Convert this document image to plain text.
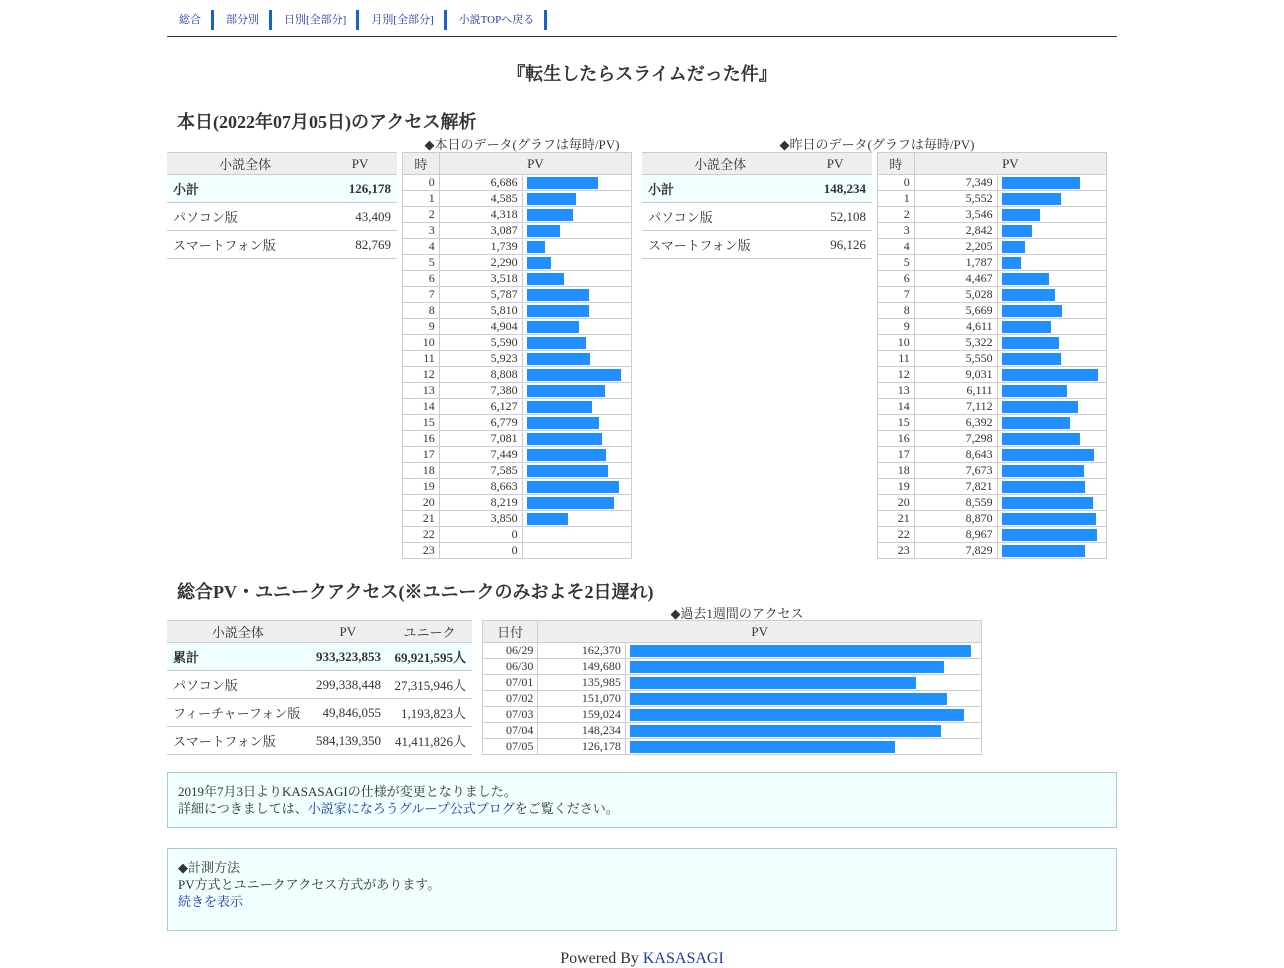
総合	部分別	日別[全部分]	月別[全部分]	小説TOPへ戻る
『転生したらスライムだった件』
本日(2022年07月05日)のアクセス解析
◆本日のデータ(グラフは毎時/PV)	◆昨日のデータ(グラフは毎時/PV)
小説全体	PV
小計	126,178
パソコン版	43,409
スマートフォン版	82,769
時	PV	
0	6,686	

1	4,585	

2	4,318	

3	3,087	

4	1,739	

5	2,290	

6	3,518	

7	5,787	

8	5,810	

9	4,904	

10	5,590	

11	5,923	

12	8,808	

13	7,380	

14	6,127	

15	6,779	

16	7,081	

17	7,449	

18	7,585	

19	8,663	

20	8,219	

21	3,850	

22	0	

23	0	
小説全体	PV
小計	148,234
パソコン版	52,108
スマートフォン版	96,126
時	PV	
0	7,349	

1	5,552	

2	3,546	

3	2,842	

4	2,205	

5	1,787	

6	4,467	

7	5,028	

8	5,669	

9	4,611	

10	5,322	

11	5,550	

12	9,031	

13	6,111	

14	7,112	

15	6,392	

16	7,298	

17	8,643	

18	7,673	

19	7,821	

20	8,559	

21	8,870	

22	8,967	

23	7,829	
総合PV・ユニークアクセス(※ユニークのみおよそ2日遅れ)
◆過去1週間のアクセス
小説全体	PV	ユニーク
累計	933,323,853	69,921,595人
パソコン版	299,338,448	27,315,946人
フィーチャーフォン版	49,846,055	1,193,823人
スマートフォン版	584,139,350	41,411,826人
日付	PV	
06/29	162,370	

06/30	149,680	

07/01	135,985	

07/02	151,070	

07/03	159,024	

07/04	148,234	

07/05	126,178	
2019年7月3日よりKASASAGIの仕様が変更となりました。
詳細につきましては、小説家になろうグループ公式ブログをご覧ください。
◆計測方法
PV方式とユニークアクセス方式があります。
続きを表示
Powered By KASASAGI
